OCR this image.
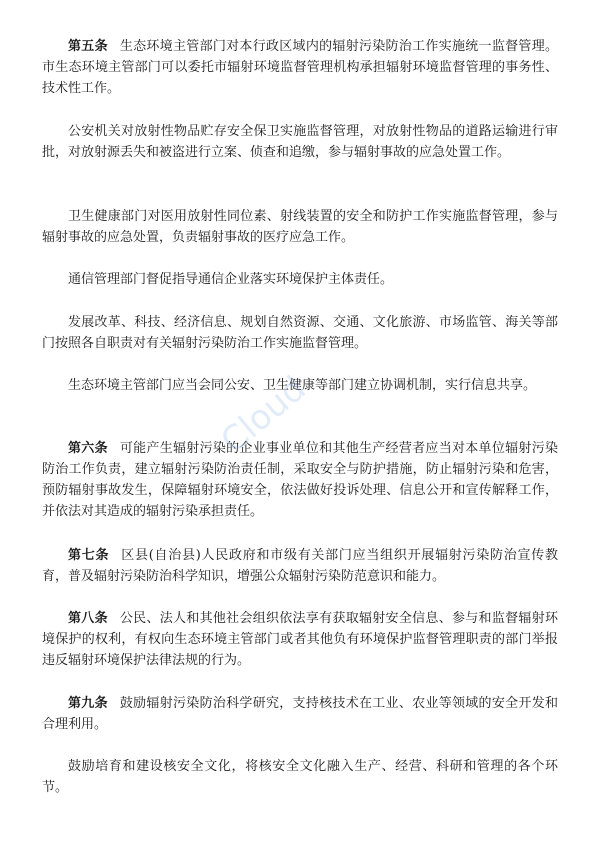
第五条 生态环境主管部门对本行政区域内的辐射污染防治工作实施统一监督管理。市生态环境主管部门可以委托市辐射环境监督管理机构承担辐射环境监督管理的事务性、技术性工作。

公安机关对放射性物品贮存安全保卫实施监督管理，对放射性物品的道路运输进行审批，对放射源丢失和被盗进行立案、侦查和追缴，参与辐射事故的应急处置工作。

卫生健康部门对医用放射性同位素、射线装置的安全和防护工作实施监督管理，参与辐射事故的应急处置，负责辐射事故的医疗应急工作。

通信管理部门督促指导通信企业落实环境保护主体责任。

发展改革、科技、经济信息、规划自然资源、交通、文化旅游、市场监管、海关等部门按照各自职责对有关辐射污染防治工作实施监督管理。

生态环境主管部门应当会同公安、卫生健康等部门建立协调机制，实行信息共享。

第六条 可能产生辐射污染的企业事业单位和其他生产经营者应当对本单位辐射污染防治工作负责，建立辐射污染防治责任制，采取安全与防护措施，防止辐射污染和危害，预防辐射事故发生，保障辐射环境安全，依法做好投诉处理、信息公开和宣传解释工作，并依法对其造成的辐射污染承担责任。

第七条 区县(自治县)人民政府和市级有关部门应当组织开展辐射污染防治宣传教育，普及辐射污染防治科学知识，增强公众辐射污染防范意识和能力。

第八条 公民、法人和其他社会组织依法享有获取辐射安全信息、参与和监督辐射环境保护的权利，有权向生态环境主管部门或者其他负有环境保护监督管理职责的部门举报违反辐射环境保护法律法规的行为。

第九条 鼓励辐射污染防治科学研究，支持核技术在工业、农业等领域的安全开发和合理利用。

鼓励培育和建设核安全文化，将核安全文化融入生产、经营、科研和管理的各个环节。

Cloud
